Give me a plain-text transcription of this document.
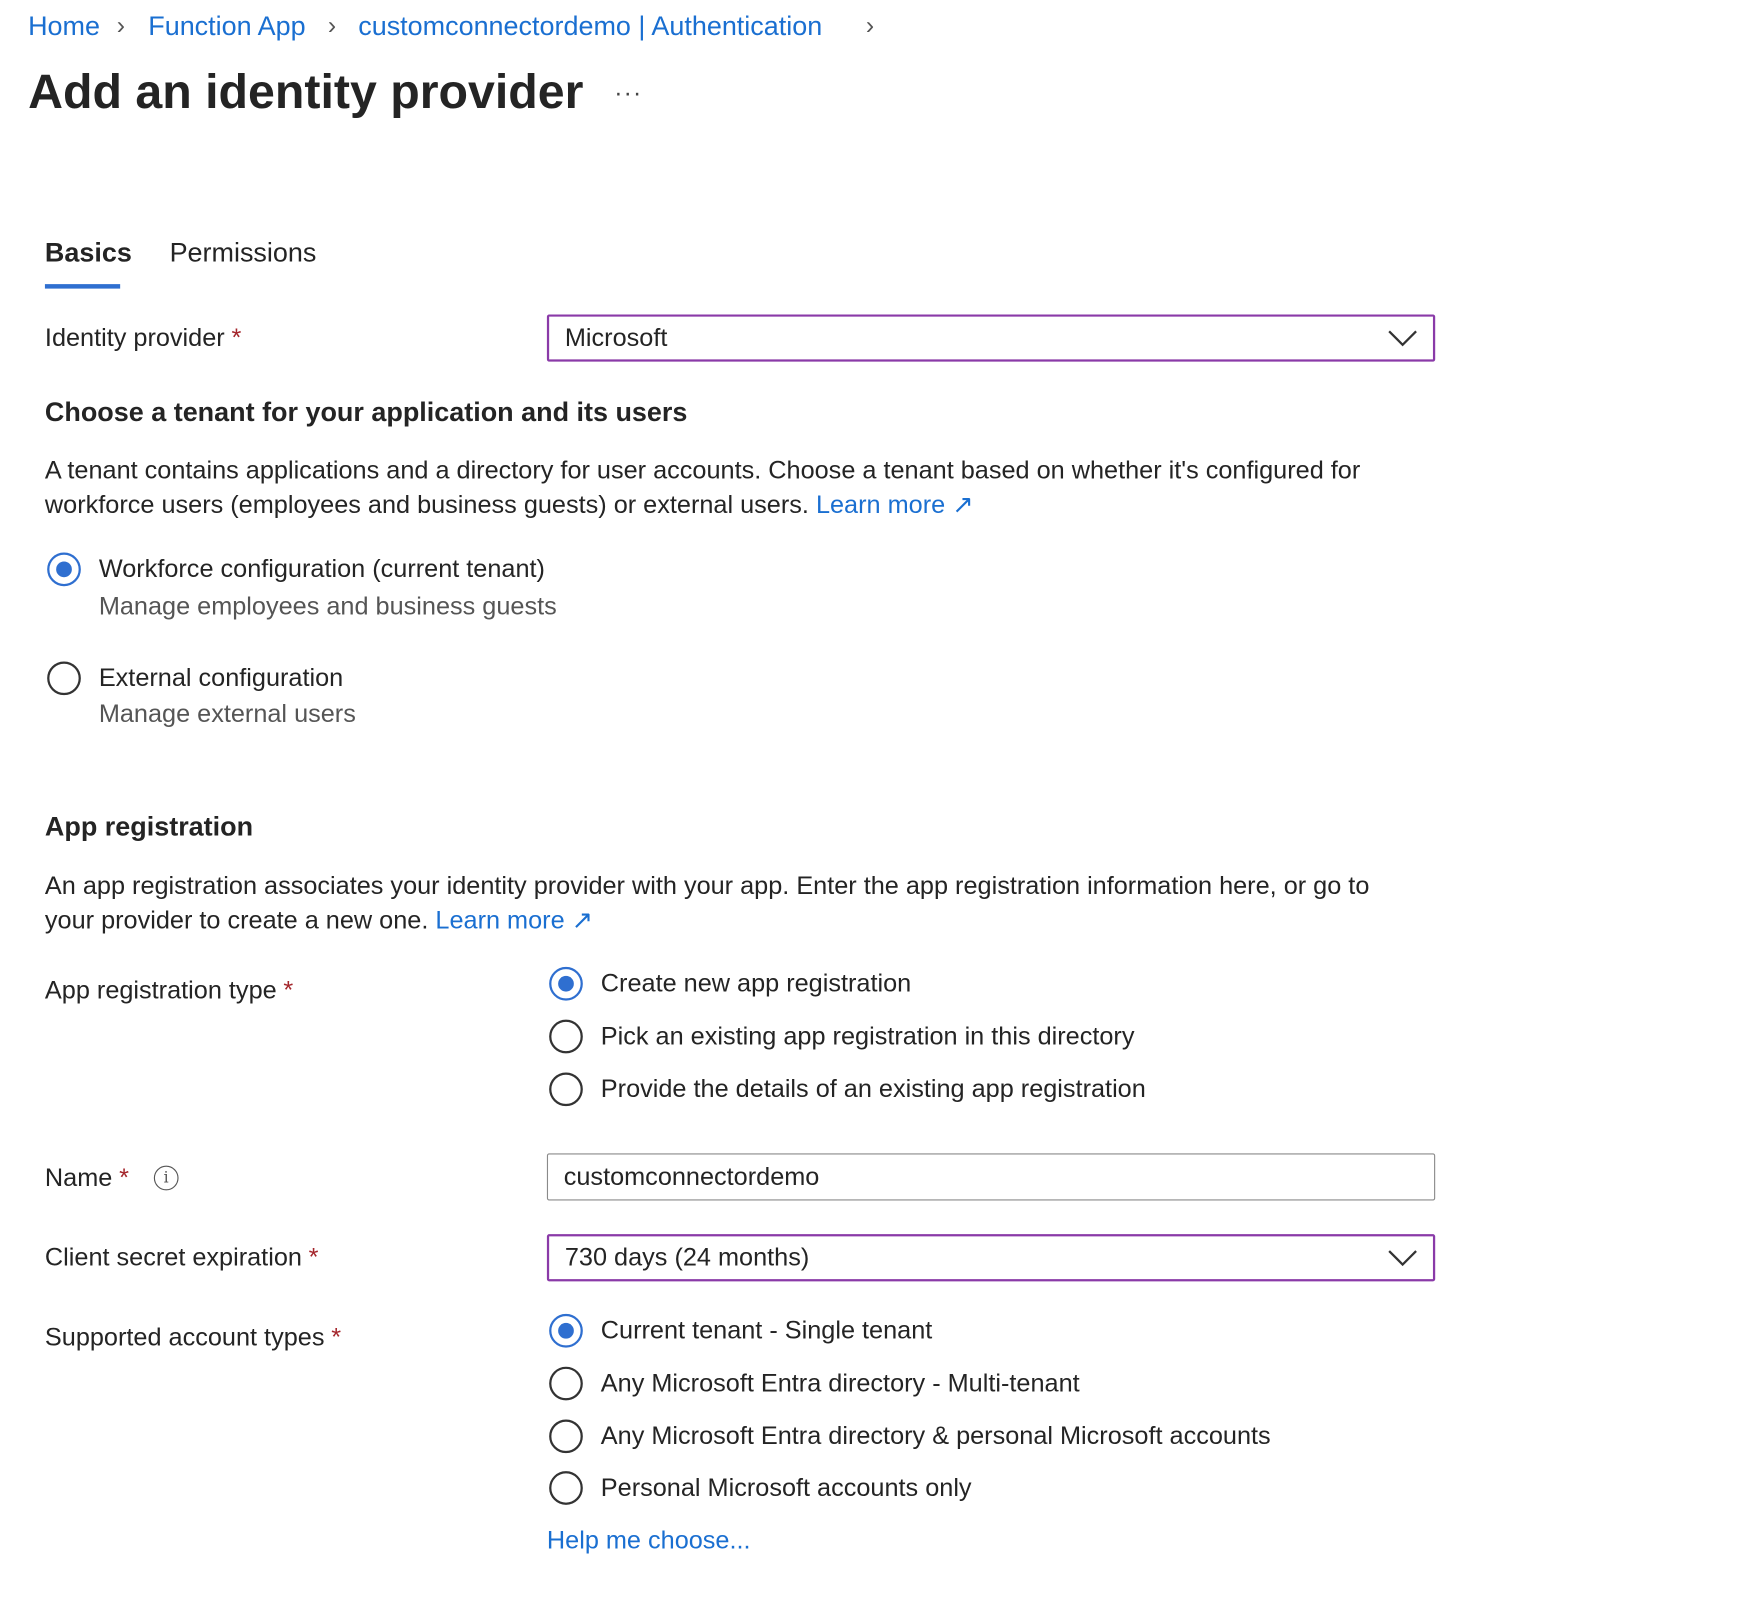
Home › Function App › customconnectordemo | Authentication ›
Add an identity provider ···
Basics Permissions
Identity provider *	Microsoft
Choose a tenant for your application and its users
A tenant contains applications and a directory for user accounts. Choose a tenant based on whether it's configured for
workforce users (employees and business guests) or external users. Learn more ↗
Workforce configuration (current tenant)
Manage employees and business guests
External configuration
Manage external users
App registration
An app registration associates your identity provider with your app. Enter the app registration information here, or go to
your provider to create a new one. Learn more ↗
App registration type *	Create new app registration
Pick an existing app registration in this directory
Provide the details of an existing app registration
Name *	i	customconnectordemo
Client secret expiration *	730 days (24 months)
Supported account types *	Current tenant - Single tenant
Any Microsoft Entra directory - Multi-tenant
Any Microsoft Entra directory & personal Microsoft accounts
Personal Microsoft accounts only
Help me choose...
